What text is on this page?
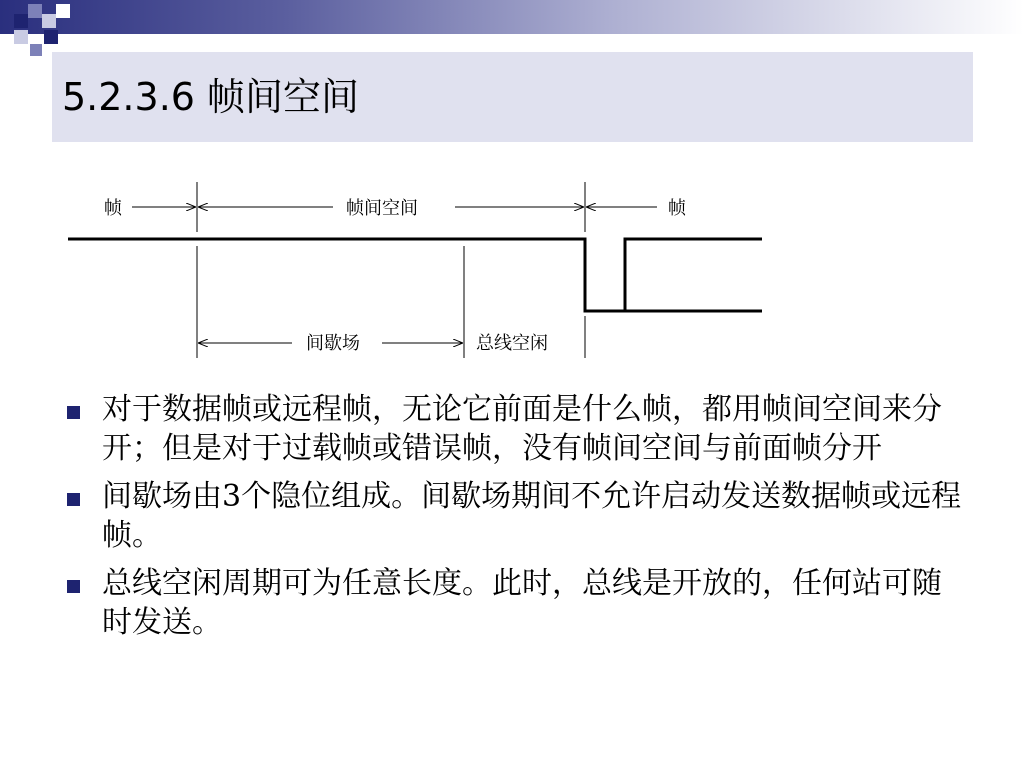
5.2.3.6 帧间空间
帧	帧间空间	帧
间歇场	总线空闲
对于数据帧或远程帧，无论它前面是什么帧，都用帧间空间来分开；但是对于过载帧或错误帧，没有帧间空间与前面帧分开
间歇场由3个隐位组成。间歇场期间不允许启动发送数据帧或远程帧。
总线空闲周期可为任意长度。此时，总线是开放的，任何站可随时发送。
